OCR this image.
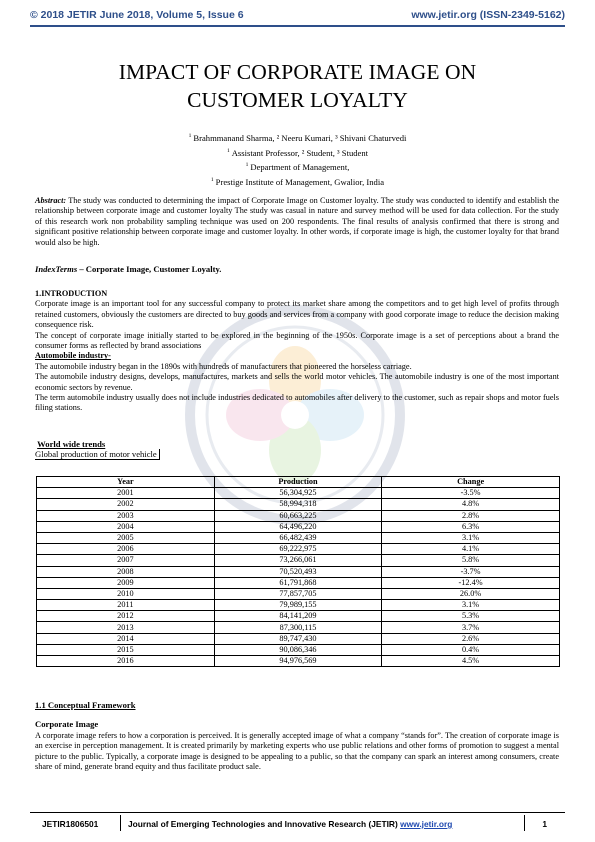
© 2018 JETIR June 2018, Volume 5, Issue 6	www.jetir.org (ISSN-2349-5162)
IMPACT OF CORPORATE IMAGE ON
CUSTOMER LOYALTY
$^1$ Brahmmanand Sharma, ² Neeru Kumari, ³ Shivani Chaturvedi
$^1$ Assistant Professor, ² Student, ³ Student
$^1$ Department of Management,
$^1$ Prestige Institute of Management, Gwalior, India
Abstract: The study was conducted to determining the impact of Corporate Image on Customer loyalty. The study was conducted to identify and establish the relationship between corporate image and customer loyalty The study was casual in nature and survey method will be used for data collection. For the study of this research work non probability sampling technique was used on 200 respondents. The final results of analysis confirmed that there is strong and significant positive relationship between corporate image and customer loyalty. In other words, if corporate image is high, the customer loyalty for that brand would also be high.
IndexTerms – Corporate Image, Customer Loyalty.
1.INTRODUCTION
Corporate image is an important tool for any successful company to protect its market share among the competitors and to get high level of profits through retained customers, obviously the customers are directed to buy goods and services from a company with good corporate image to reduce the decision making consequence risk.
The concept of corporate image initially started to be explored in the beginning of the 1950s. Corporate image is a set of perceptions about a brand the consumer forms as reflected by brand associations
Automobile industry-
The automobile industry began in the 1890s with hundreds of manufacturers that pioneered the horseless carriage.
The automobile industry designs, develops, manufactures, markets and sells the world motor vehicles. The automobile industry is one of the most important economic sectors by revenue.
The term automobile industry usually does not include industries dedicated to automobiles after delivery to the customer, such as repair shops and motor fuels filing stations.
World wide trends
Global production of motor vehicle
Year	Production	Change
2001	56,304,925	-3.5%
2002	58,994,318	4.8%
2003	60,663,225	2.8%
2004	64,496,220	6.3%
2005	66,482,439	3.1%
2006	69,222,975	4.1%
2007	73,266,061	5.8%
2008	70,520,493	-3.7%
2009	61,791,868	-12.4%
2010	77,857,705	26.0%
2011	79,989,155	3.1%
2012	84,141,209	5.3%
2013	87,300,115	3.7%
2014	89,747,430	2.6%
2015	90,086,346	0.4%
2016	94,976,569	4.5%
1.1 Conceptual Framework
Corporate Image
A corporate image refers to how a corporation is perceived. It is generally accepted image of what a company “stands for”. The creation of corporate image is an exercise in perception management. It is created primarily by marketing experts who use public relations and other forms of promotion to suggest a mental picture to the public. Typically, a corporate image is designed to be appealing to a public, so that the company can spark an interest among consumers, create share of mind, generate brand equity and thus facilitate product sale.
JETIR1806501	Journal of Emerging Technologies and Innovative Research (JETIR) www.jetir.org	1
